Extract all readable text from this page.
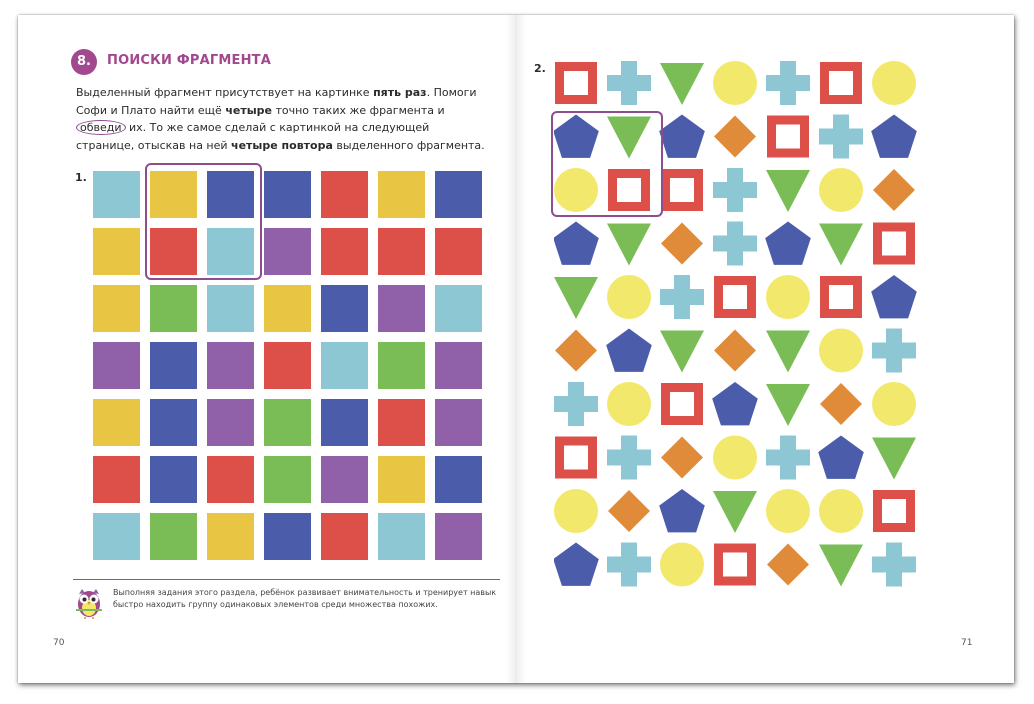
8.	ПОИСКИ ФРАГМЕНТА
Выделенный фрагмент присутствует на картинке пять раз. Помоги Софи и Плато найти ещё четыре точно таких же фрагмента и обведи их. То же самое сделай с картинкой на следующей странице, отыскав на ней четыре повтора выделенного фрагмента.
1.
Выполняя задания этого раздела, ребёнок развивает внимательность и тренирует навык быстро находить группу одинаковых элементов среди множества похожих.
70
2.
71
